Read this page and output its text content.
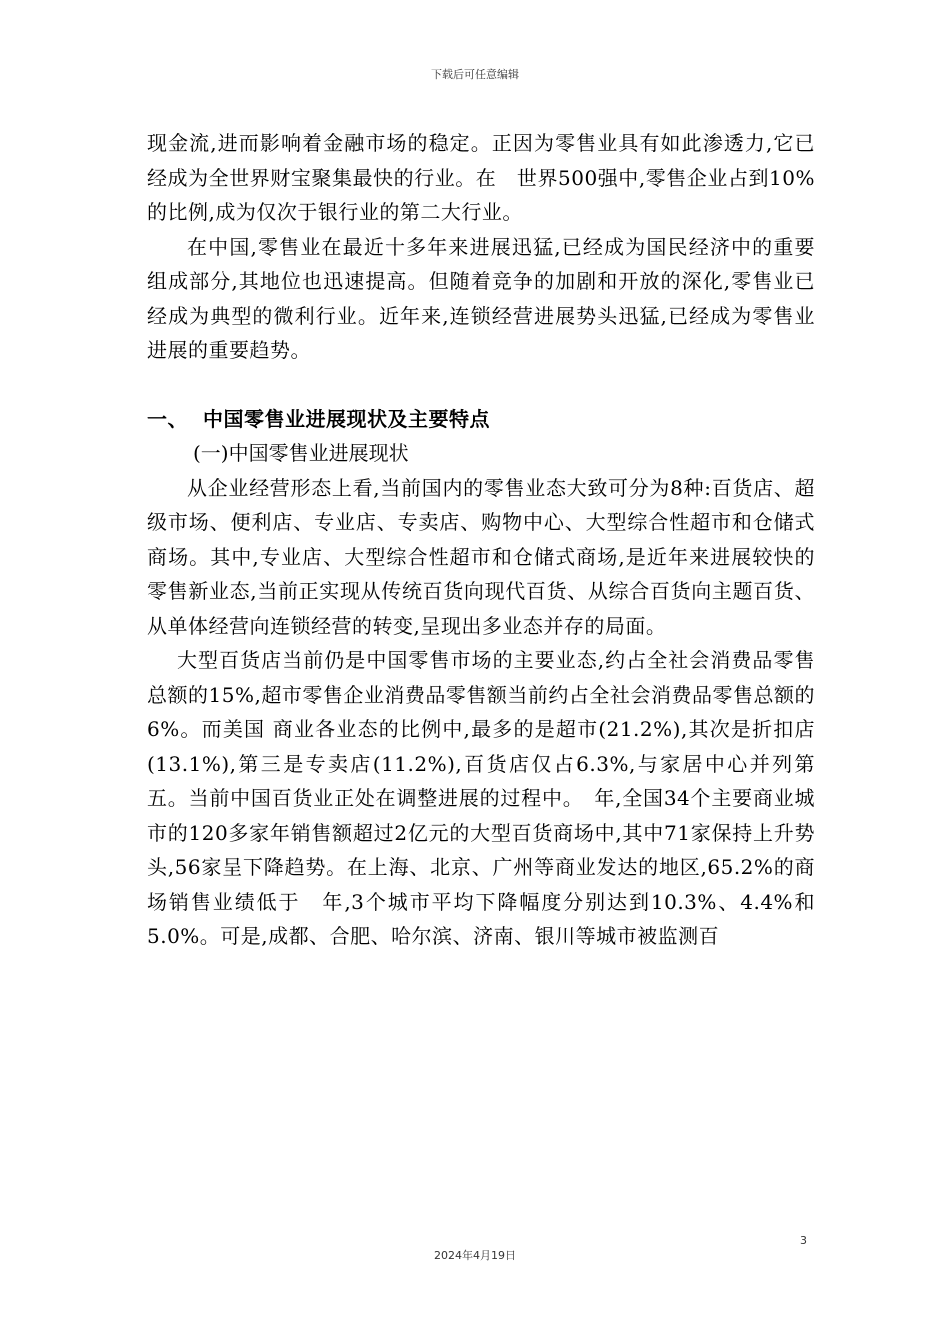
下载后可任意编辑

现金流,进而影响着金融市场的稳定。正因为零售业具有如此渗透力,它已经成为全世界财宝聚集最快的行业。在　世界500强中,零售企业占到10%的比例,成为仅次于银行业的第二大行业。

在中国,零售业在最近十多年来进展迅猛,已经成为国民经济中的重要组成部分,其地位也迅速提高。但随着竞争的加剧和开放的深化,零售业已经成为典型的微利行业。近年来,连锁经营进展势头迅猛,已经成为零售业进展的重要趋势。

一、 中国零售业进展现状及主要特点

(一)中国零售业进展现状

从企业经营形态上看,当前国内的零售业态大致可分为8种:百货店、超级市场、便利店、专业店、专卖店、购物中心、大型综合性超市和仓储式商场。其中,专业店、大型综合性超市和仓储式商场,是近年来进展较快的零售新业态,当前正实现从传统百货向现代百货、从综合百货向主题百货、从单体经营向连锁经营的转变,呈现出多业态并存的局面。

大型百货店当前仍是中国零售市场的主要业态,约占全社会消费品零售总额的15%,超市零售企业消费品零售额当前约占全社会消费品零售总额的6%。而美国 商业各业态的比例中,最多的是超市(21.2%),其次是折扣店(13.1%),第三是专卖店(11.2%),百货店仅占6.3%,与家居中心并列第五。当前中国百货业正处在调整进展的过程中。　年,全国34个主要商业城市的120多家年销售额超过2亿元的大型百货商场中,其中71家保持上升势头,56家呈下降趋势。在上海、北京、广州等商业发达的地区,65.2%的商场销售业绩低于　年,3个城市平均下降幅度分别达到10.3%、4.4%和5.0%。可是,成都、合肥、哈尔滨、济南、银川等城市被监测百

3
2024年4月19日
